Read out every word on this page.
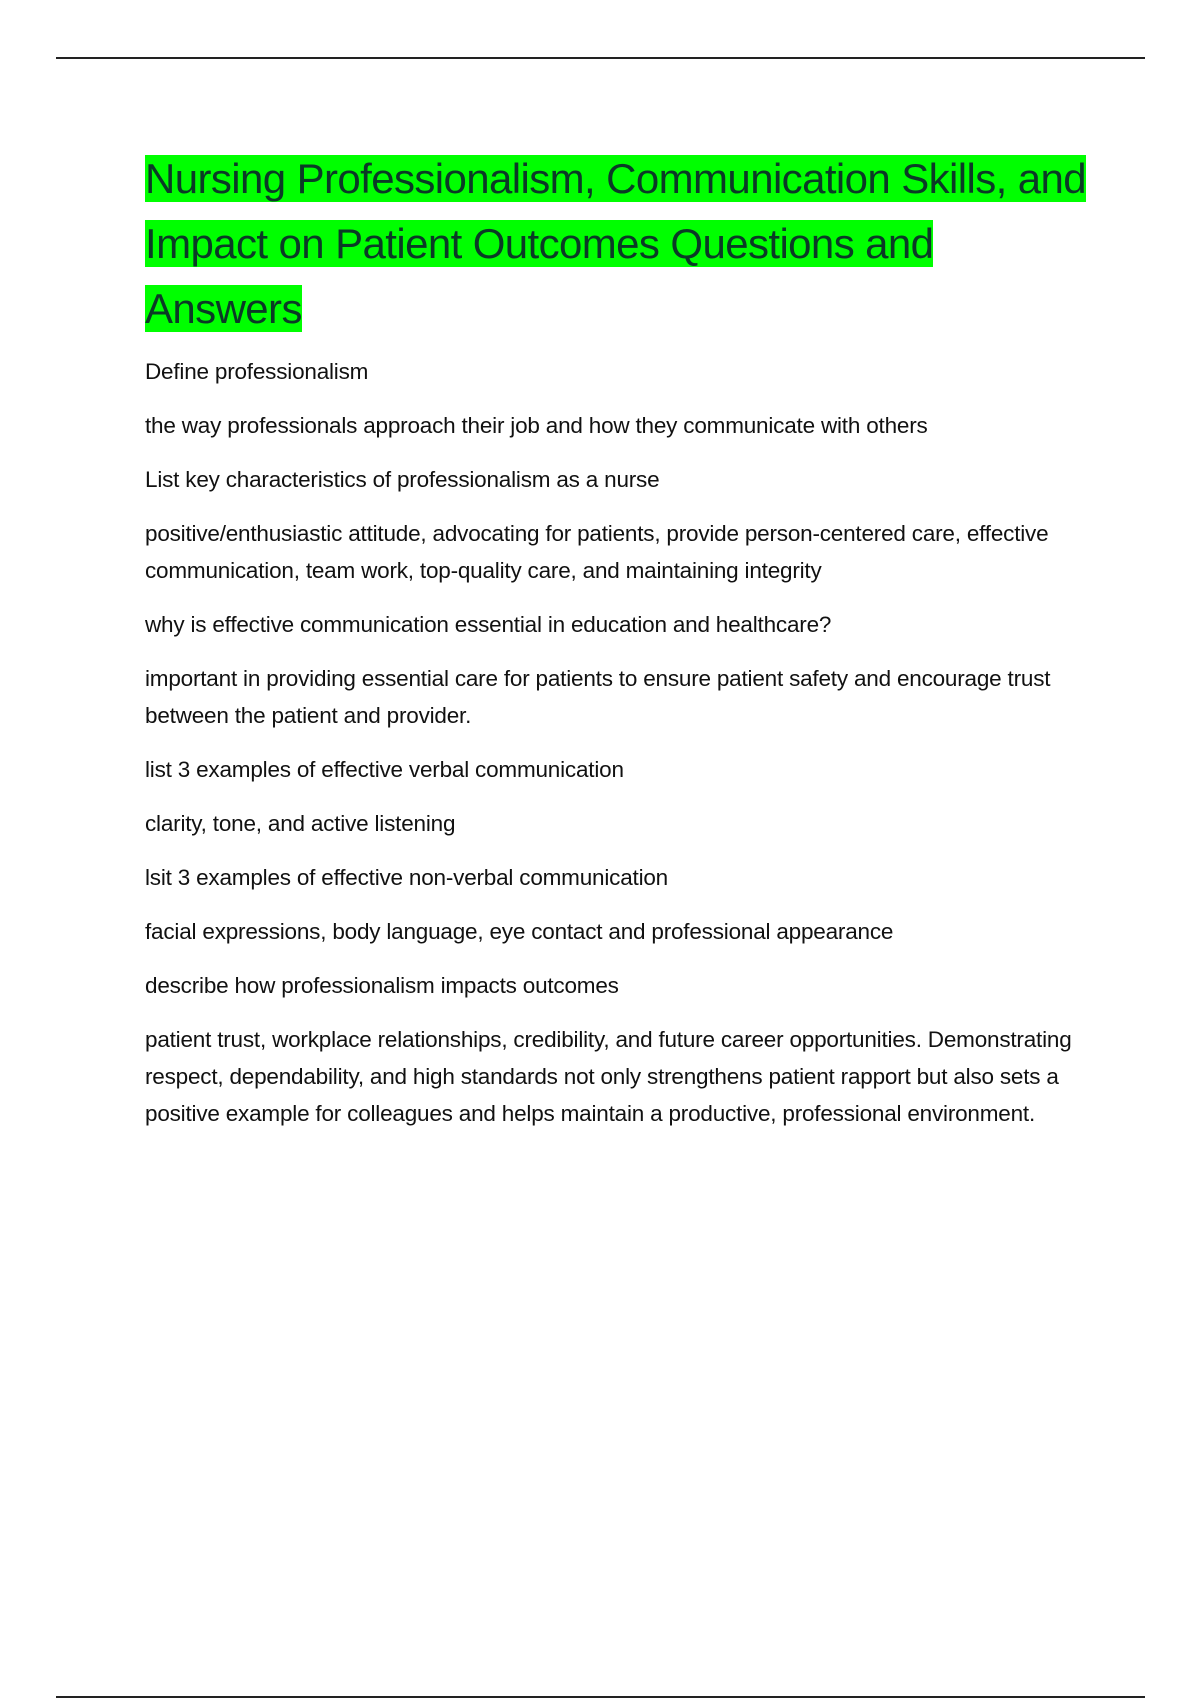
Nursing Professionalism, Communication Skills, and Impact on Patient Outcomes Questions and Answers

Define professionalism

the way professionals approach their job and how they communicate with others

List key characteristics of professionalism as a nurse

positive/enthusiastic attitude, advocating for patients, provide person-centered care, effective communication, team work, top-quality care, and maintaining integrity

why is effective communication essential in education and healthcare?

important in providing essential care for patients to ensure patient safety and encourage trust between the patient and provider.

list 3 examples of effective verbal communication

clarity, tone, and active listening

lsit 3 examples of effective non-verbal communication

facial expressions, body language, eye contact and professional appearance

describe how professionalism impacts outcomes

patient trust, workplace relationships, credibility, and future career opportunities. Demonstrating respect, dependability, and high standards not only strengthens patient rapport but also sets a positive example for colleagues and helps maintain a productive, professional environment.
